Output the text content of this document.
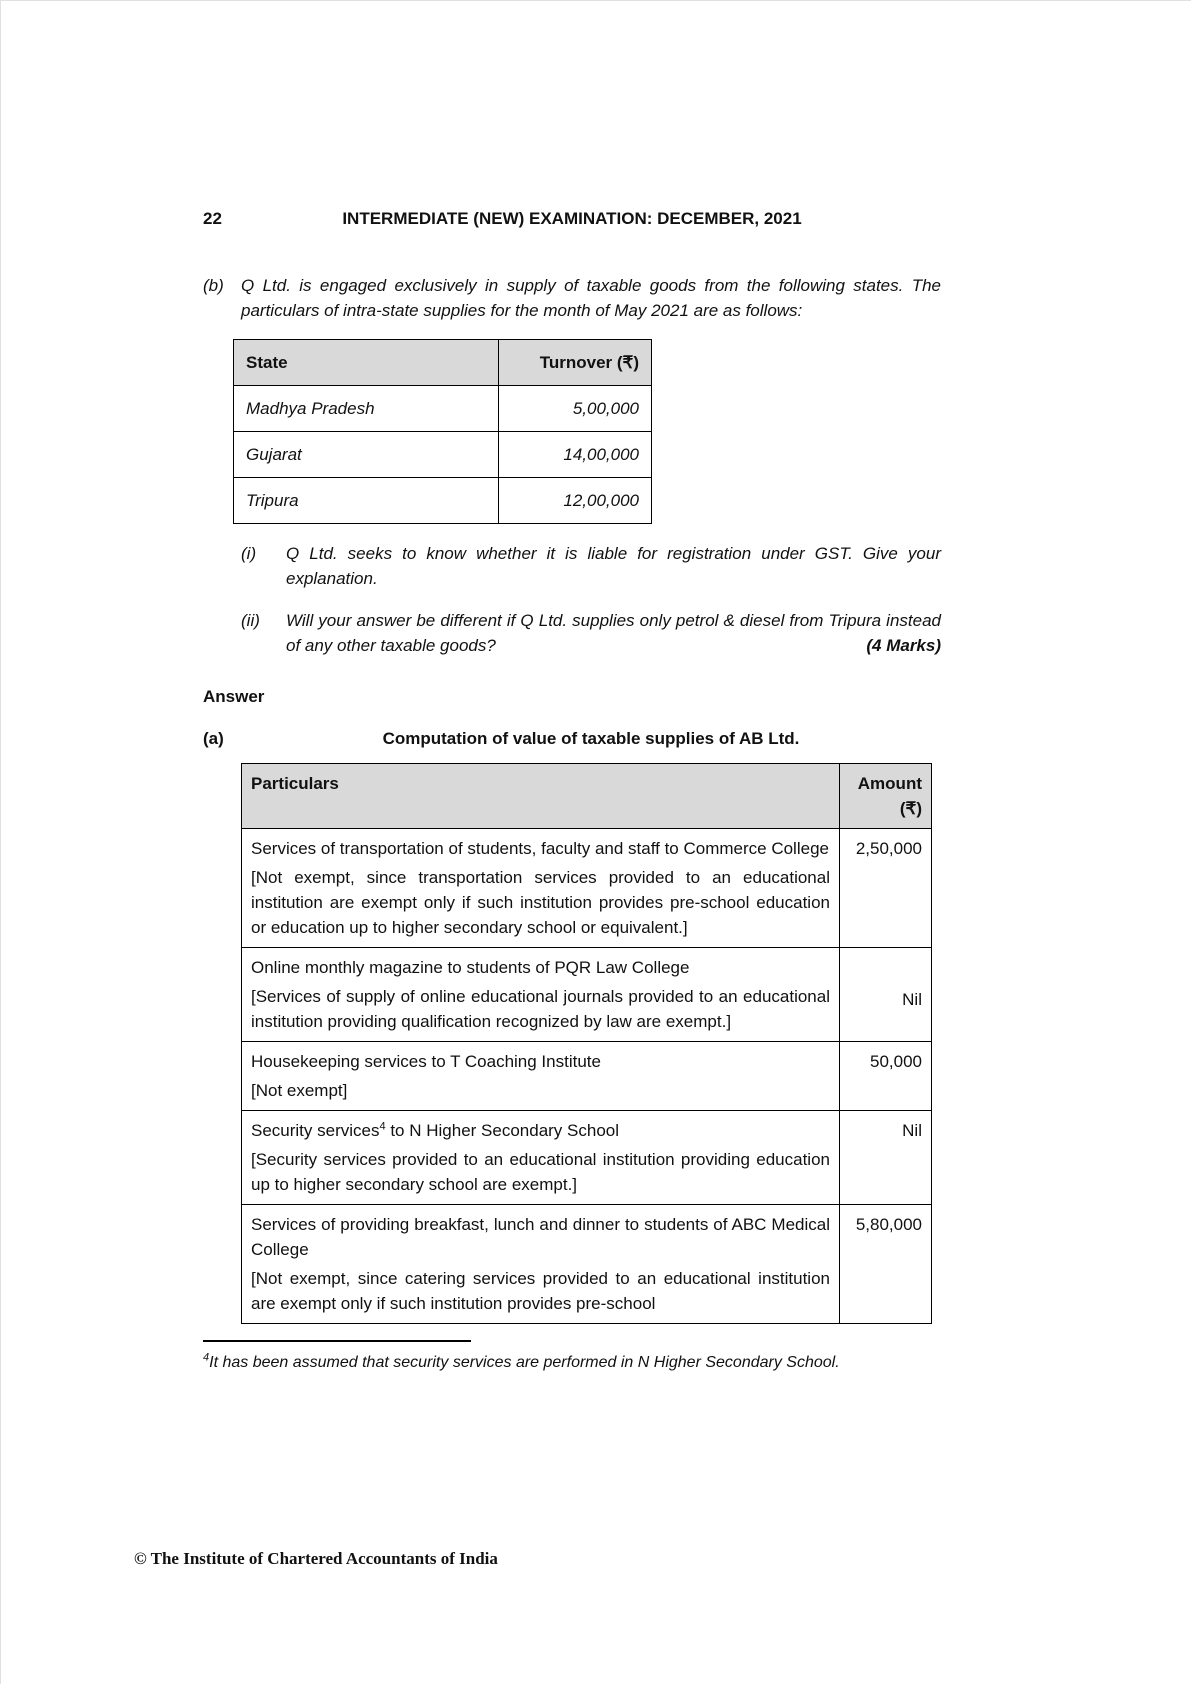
22	INTERMEDIATE (NEW) EXAMINATION: DECEMBER, 2021
(b)	Q Ltd. is engaged exclusively in supply of taxable goods from the following states. The particulars of intra-state supplies for the month of May 2021 are as follows:
State	Turnover (₹)
Madhya Pradesh	5,00,000
Gujarat	14,00,000
Tripura	12,00,000
(i)	Q Ltd. seeks to know whether it is liable for registration under GST. Give your explanation.
(ii)	Will your answer be different if Q Ltd. supplies only petrol & diesel from Tripura instead of any other taxable goods?	(4 Marks)
Answer
(a)	Computation of value of taxable supplies of AB Ltd.
Particulars	Amount
(₹)

Services of transportation of students, faculty and staff to Commerce College
[Not exempt, since transportation services provided to an educational institution are exempt only if such institution provides pre-school education or education up to higher secondary school or equivalent.]	2,50,000

Online monthly magazine to students of PQR Law College
[Services of supply of online educational journals provided to an educational institution providing qualification recognized by law are exempt.]	Nil

Housekeeping services to T Coaching Institute
[Not exempt]	50,000

Security services$^4$ to N Higher Secondary School
[Security services provided to an educational institution providing education up to higher secondary school are exempt.]	Nil

Services of providing breakfast, lunch and dinner to students of ABC Medical College
[Not exempt, since catering services provided to an educational institution are exempt only if such institution provides pre-school	5,80,000
$^4$It has been assumed that security services are performed in N Higher Secondary School.
© The Institute of Chartered Accountants of India
